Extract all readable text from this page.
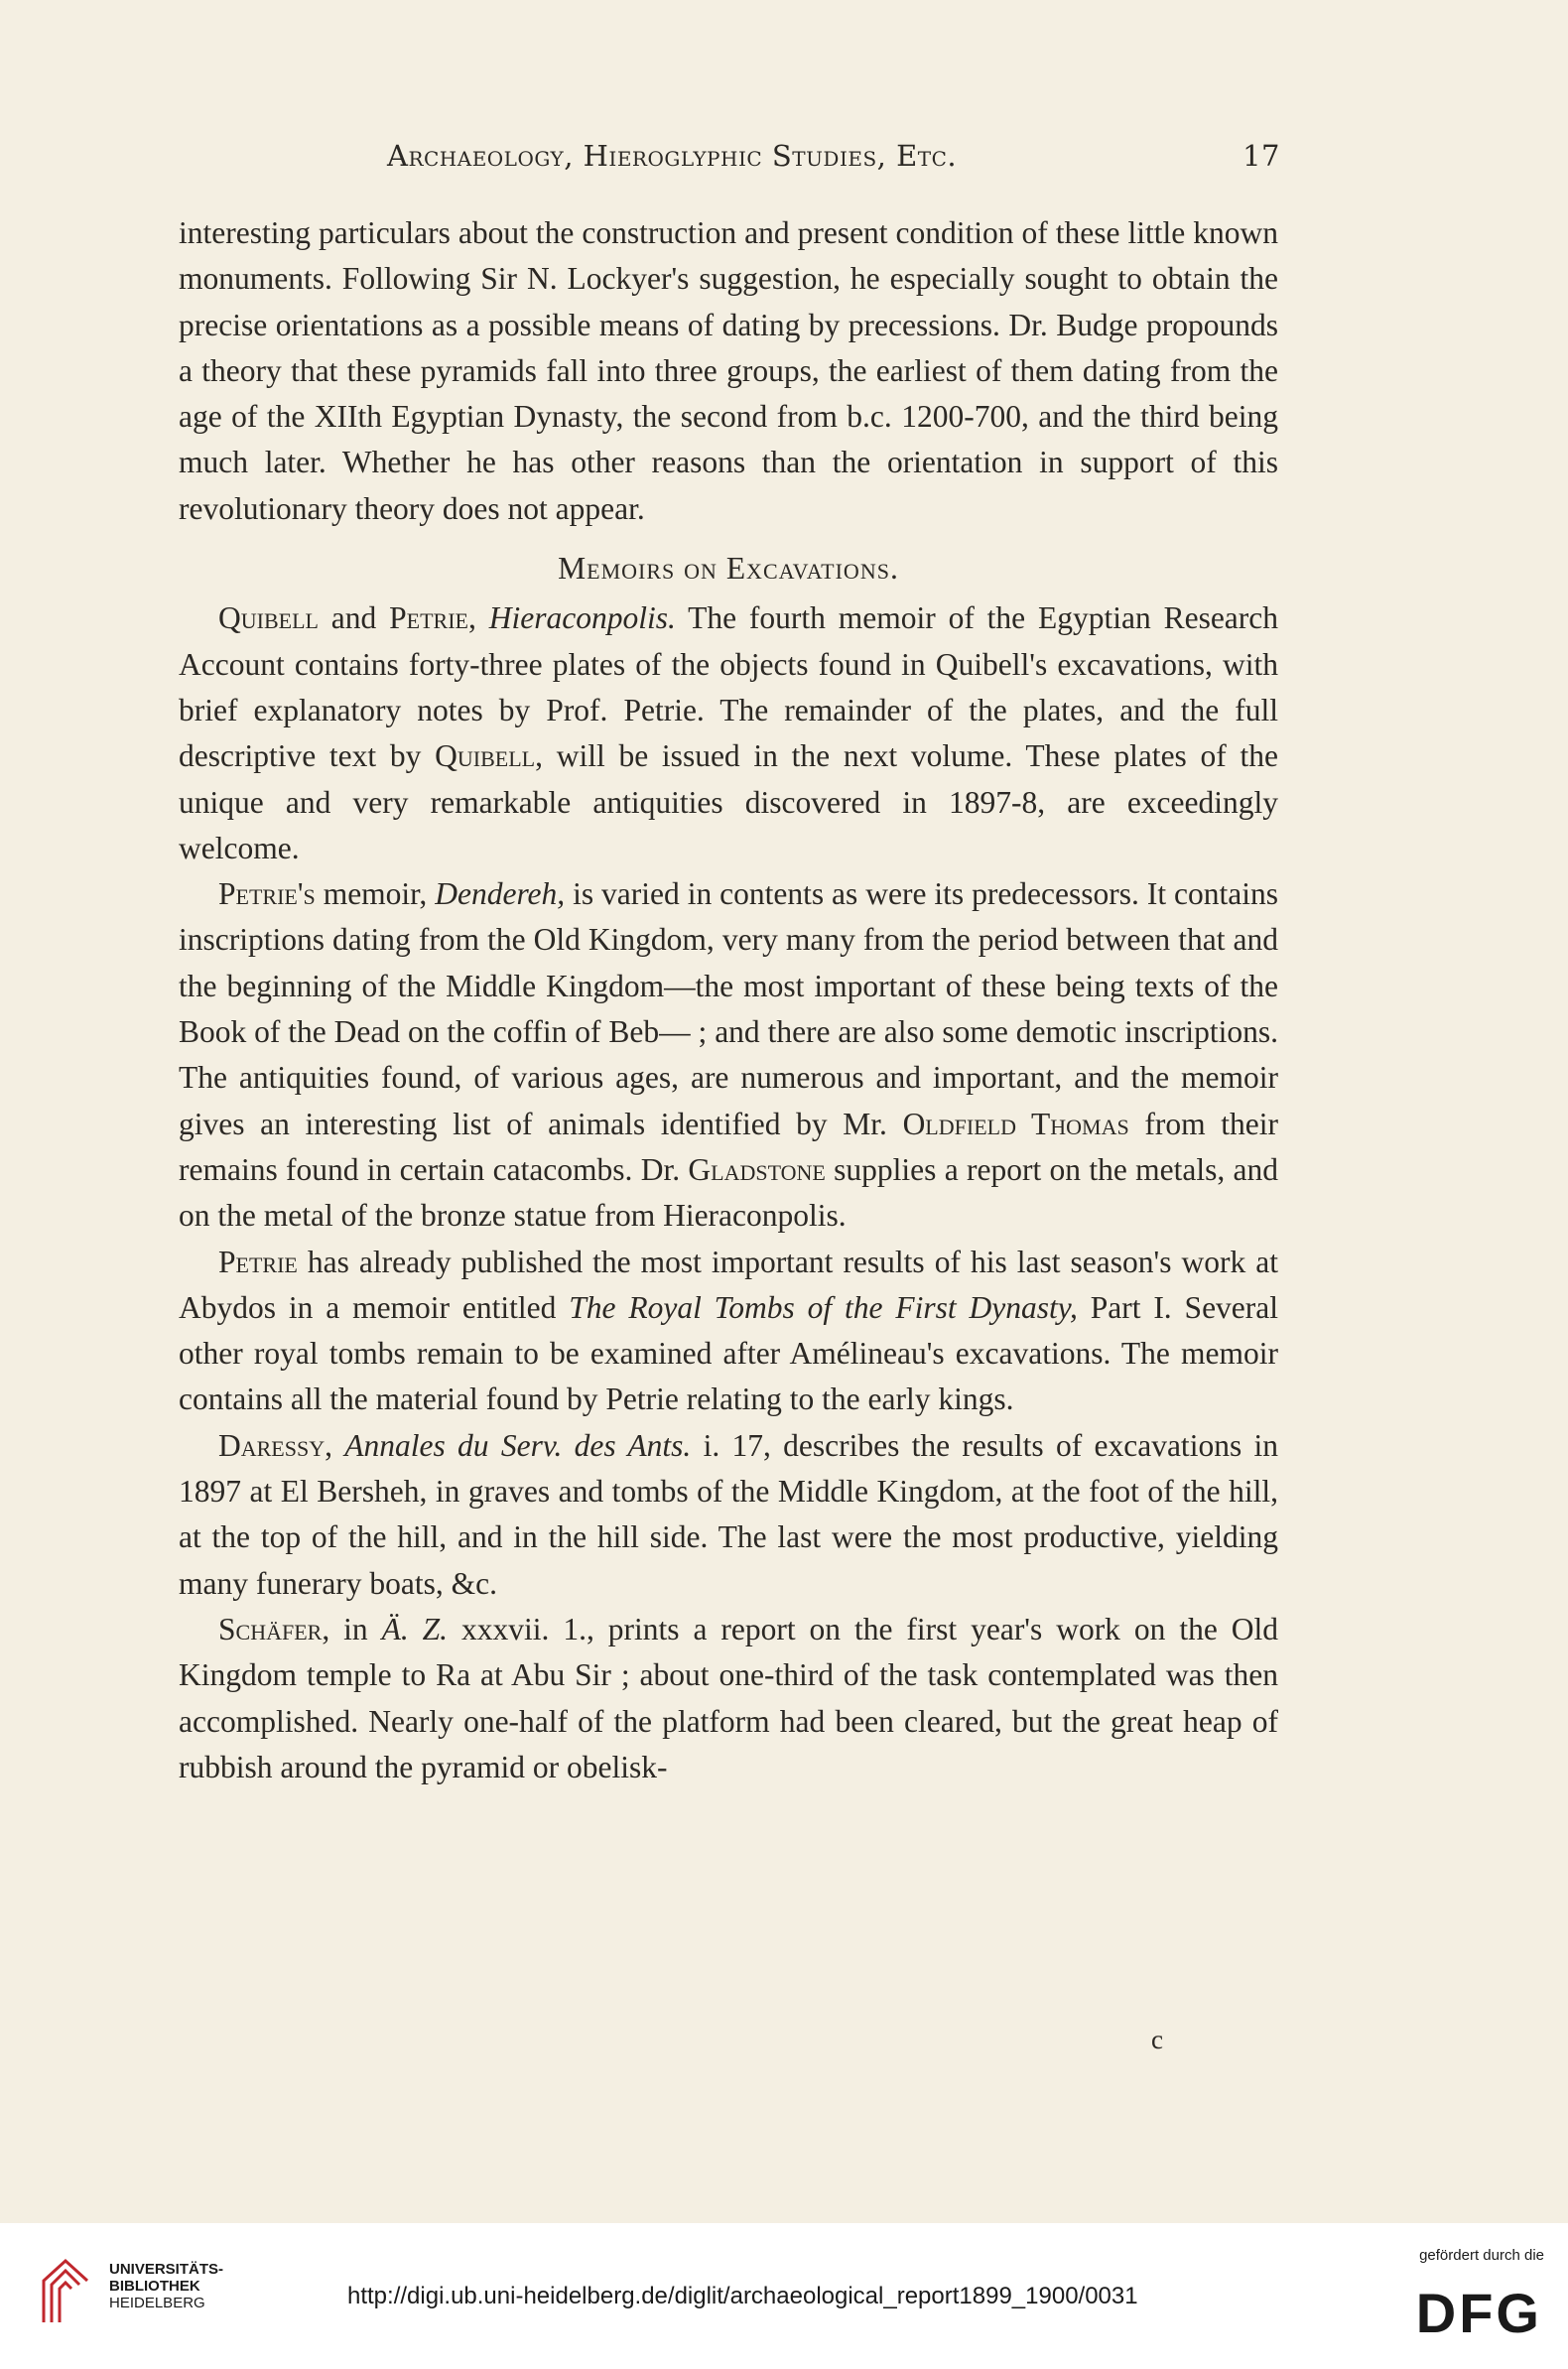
Archaeology, Hieroglyphic Studies, Etc.	17

interesting particulars about the construction and present condition of these little known monuments. Following Sir N. Lockyer's suggestion, he especially sought to obtain the precise orientations as a possible means of dating by precessions. Dr. Budge propounds a theory that these pyramids fall into three groups, the earliest of them dating from the age of the XIIth Egyptian Dynasty, the second from b.c. 1200-700, and the third being much later. Whether he has other reasons than the orientation in support of this revolutionary theory does not appear.

Memoirs on Excavations.

Quibell and Petrie, Hieraconpolis. The fourth memoir of the Egyptian Research Account contains forty-three plates of the objects found in Quibell's excavations, with brief explanatory notes by Prof. Petrie. The remainder of the plates, and the full descriptive text by Quibell, will be issued in the next volume. These plates of the unique and very remarkable antiquities discovered in 1897-8, are exceedingly welcome.

Petrie's memoir, Dendereh, is varied in contents as were its predecessors. It contains inscriptions dating from the Old Kingdom, very many from the period between that and the beginning of the Middle Kingdom—the most important of these being texts of the Book of the Dead on the coffin of Beb— ; and there are also some demotic inscriptions. The antiquities found, of various ages, are numerous and important, and the memoir gives an interesting list of animals identified by Mr. Oldfield Thomas from their remains found in certain catacombs. Dr. Gladstone supplies a report on the metals, and on the metal of the bronze statue from Hieraconpolis.

Petrie has already published the most important results of his last season's work at Abydos in a memoir entitled The Royal Tombs of the First Dynasty, Part I. Several other royal tombs remain to be examined after Amélineau's excavations. The memoir contains all the material found by Petrie relating to the early kings.

Daressy, Annales du Serv. des Ants. i. 17, describes the results of excavations in 1897 at El Bersheh, in graves and tombs of the Middle Kingdom, at the foot of the hill, at the top of the hill, and in the hill side. The last were the most productive, yielding many funerary boats, &c.

Schäfer, in Ä. Z. xxxvii. 1., prints a report on the first year's work on the Old Kingdom temple to Ra at Abu Sir ; about one-third of the task contemplated was then accomplished. Nearly one-half of the platform had been cleared, but the great heap of rubbish around the pyramid or obelisk-

c
UNIVERSITÄTS-
BIBLIOTHEK
HEIDELBERG	http://digi.ub.uni-heidelberg.de/diglit/archaeological_report1899_1900/0031
gefördert durch die
DFG
